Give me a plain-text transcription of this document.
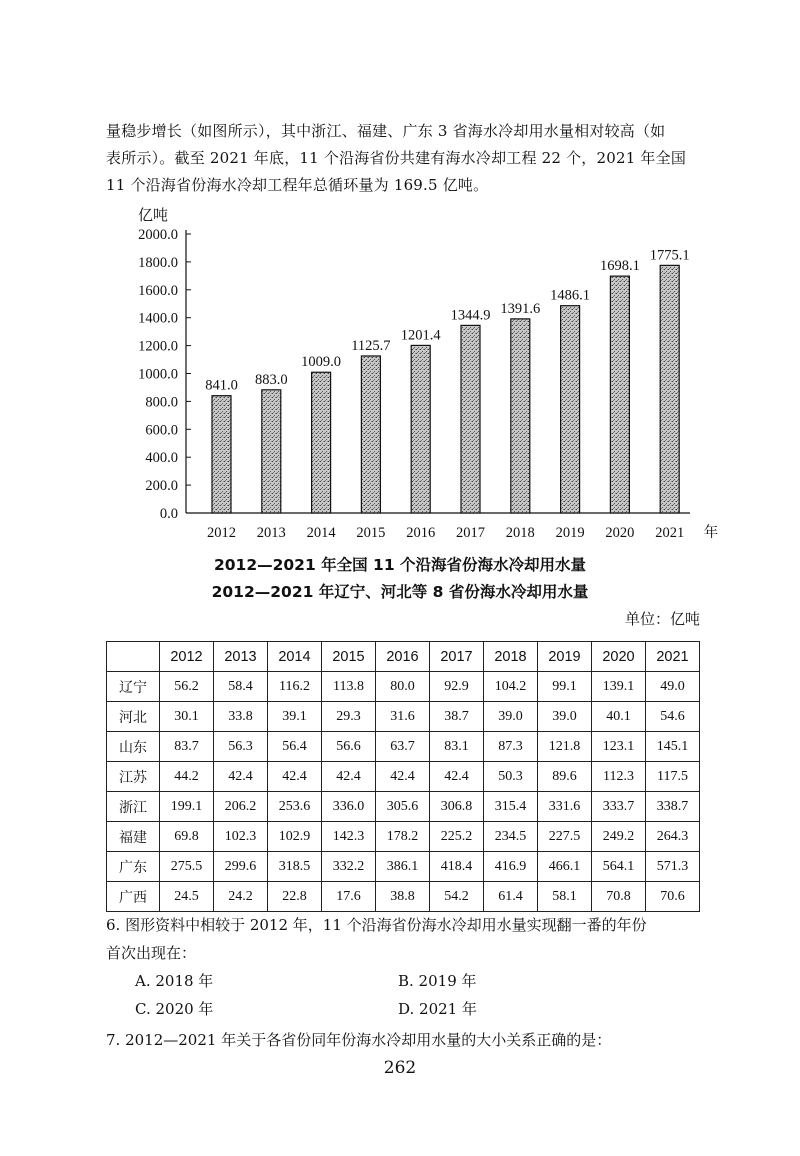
量稳步增长（如图所示），其中浙江、福建、广东 3 省海水冷却用水量相对较高（如

表所示）。截至 2021 年底，11 个沿海省份共建有海水冷却工程 22 个，2021 年全国

11 个沿海省份海水冷却工程年总循环量为 169.5 亿吨。

亿吨
0.0
200.0
400.0
600.0
800.0
1000.0
1200.0
1400.0
1600.0
1800.0
2000.0
841.0 883.0
1009.0
1125.7
1201.4
1344.9 1391.6
1486.1
1698.1
1775.1
2012 2013 2014 2015 2016 2017 2018 2019 2020 2021 年
2012—2021 年全国 11 个沿海省份海水冷却用水量
2012—2021 年辽宁、河北等 8 省份海水冷却用水量
单位：亿吨
	2012	2013	2014	2015	2016	2017	2018	2019	2020	2021
辽宁	56.2	58.4	116.2	113.8	80.0	92.9	104.2	99.1	139.1	49.0
河北	30.1	33.8	39.1	29.3	31.6	38.7	39.0	39.0	40.1	54.6
山东	83.7	56.3	56.4	56.6	63.7	83.1	87.3	121.8	123.1	145.1
江苏	44.2	42.4	42.4	42.4	42.4	42.4	50.3	89.6	112.3	117.5
浙江	199.1	206.2	253.6	336.0	305.6	306.8	315.4	331.6	333.7	338.7
福建	69.8	102.3	102.9	142.3	178.2	225.2	234.5	227.5	249.2	264.3
广东	275.5	299.6	318.5	332.2	386.1	418.4	416.9	466.1	564.1	571.3
广西	24.5	24.2	22.8	17.6	38.8	54.2	61.4	58.1	70.8	70.6

6. 图形资料中相较于 2012 年，11 个沿海省份海水冷却用水量实现翻一番的年份

首次出现在：

A. 2018 年	B. 2019 年
C. 2020 年	D. 2021 年

7. 2012—2021 年关于各省份同年份海水冷却用水量的大小关系正确的是：

262
